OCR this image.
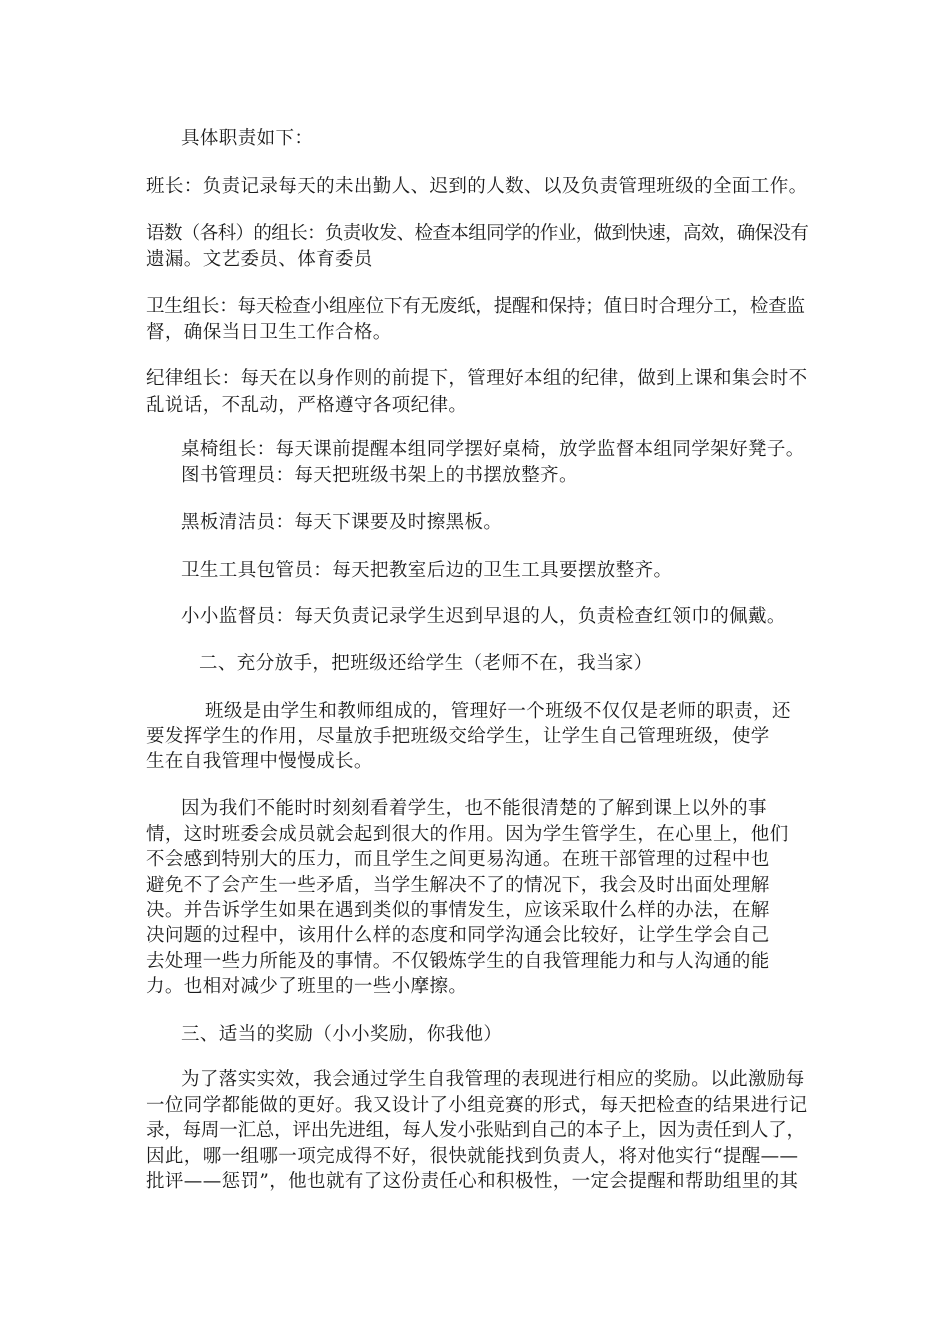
具体职责如下：
班长：负责记录每天的未出勤人、迟到的人数、以及负责管理班级的全面工作。
语数（各科）的组长：负责收发、检查本组同学的作业，做到快速，高效，确保没有
遗漏。文艺委员、体育委员
卫生组长：每天检查小组座位下有无废纸，提醒和保持；值日时合理分工，检查监
督，确保当日卫生工作合格。
纪律组长：每天在以身作则的前提下，管理好本组的纪律，做到上课和集会时不
乱说话，不乱动，严格遵守各项纪律。
桌椅组长：每天课前提醒本组同学摆好桌椅，放学监督本组同学架好凳子。
图书管理员：每天把班级书架上的书摆放整齐。
黑板清洁员：每天下课要及时擦黑板。
卫生工具包管员：每天把教室后边的卫生工具要摆放整齐。
小小监督员：每天负责记录学生迟到早退的人，负责检查红领巾的佩戴。
二、充分放手，把班级还给学生（老师不在，我当家）
班级是由学生和教师组成的，管理好一个班级不仅仅是老师的职责，还
要发挥学生的作用，尽量放手把班级交给学生，让学生自己管理班级，使学
生在自我管理中慢慢成长。
因为我们不能时时刻刻看着学生，也不能很清楚的了解到课上以外的事
情，这时班委会成员就会起到很大的作用。因为学生管学生，在心里上，他们
不会感到特别大的压力，而且学生之间更易沟通。在班干部管理的过程中也
避免不了会产生一些矛盾，当学生解决不了的情况下，我会及时出面处理解
决。并告诉学生如果在遇到类似的事情发生，应该采取什么样的办法，在解
决问题的过程中，该用什么样的态度和同学沟通会比较好，让学生学会自己
去处理一些力所能及的事情。不仅锻炼学生的自我管理能力和与人沟通的能
力。也相对减少了班里的一些小摩擦。
三、适当的奖励（小小奖励，你我他）
为了落实实效，我会通过学生自我管理的表现进行相应的奖励。以此激励每
一位同学都能做的更好。我又设计了小组竞赛的形式，每天把检查的结果进行记
录，每周一汇总，评出先进组，每人发小张贴到自己的本子上，因为责任到人了，
因此，哪一组哪一项完成得不好，很快就能找到负责人，将对他实行“提醒——
批评——惩罚”，他也就有了这份责任心和积极性，一定会提醒和帮助组里的其
